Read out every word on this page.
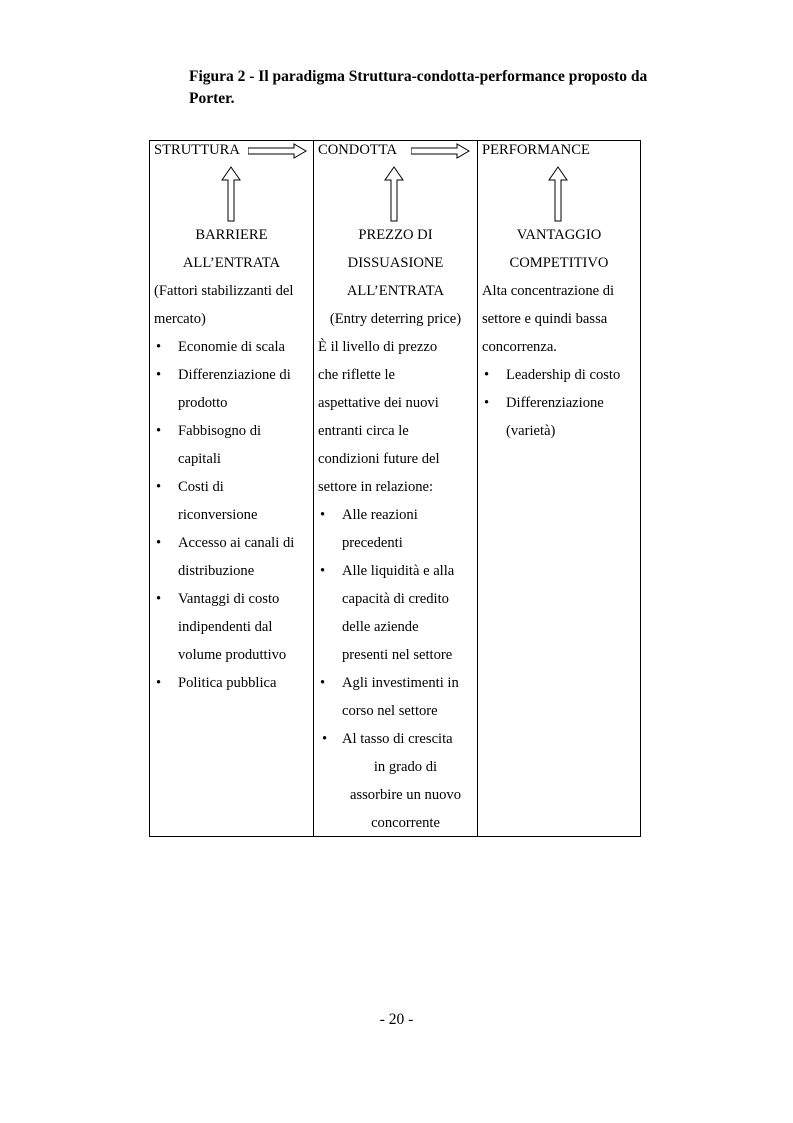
Figura 2 - Il paradigma Struttura-condotta-performance proposto da
Porter.
STRUTTURA
BARRIERE
ALL’ENTRATA
(Fattori stabilizzanti del
mercato)
•	Economie di scala
•	Differenziazione di
prodotto
•	Fabbisogno di
capitali
•	Costi di
riconversione
•	Accesso ai canali di
distribuzione
•	Vantaggi di costo
indipendenti dal
volume produttivo
•	Politica pubblica
CONDOTTA
PREZZO DI
DISSUASIONE
ALL’ENTRATA
(Entry deterring price)
È il livello di prezzo
che riflette le
aspettative dei nuovi
entranti circa le
condizioni future del
settore in relazione:
•	Alle reazioni
precedenti
•	Alle liquidità e alla
capacità di credito
delle aziende
presenti nel settore
•	Agli investimenti in
corso nel settore
•	Al tasso di crescita
in grado di
assorbire un nuovo
concorrente
PERFORMANCE
VANTAGGIO
COMPETITIVO
Alta concentrazione di
settore e quindi bassa
concorrenza.
•	Leadership di costo
•	Differenziazione
(varietà)
- 20 -
